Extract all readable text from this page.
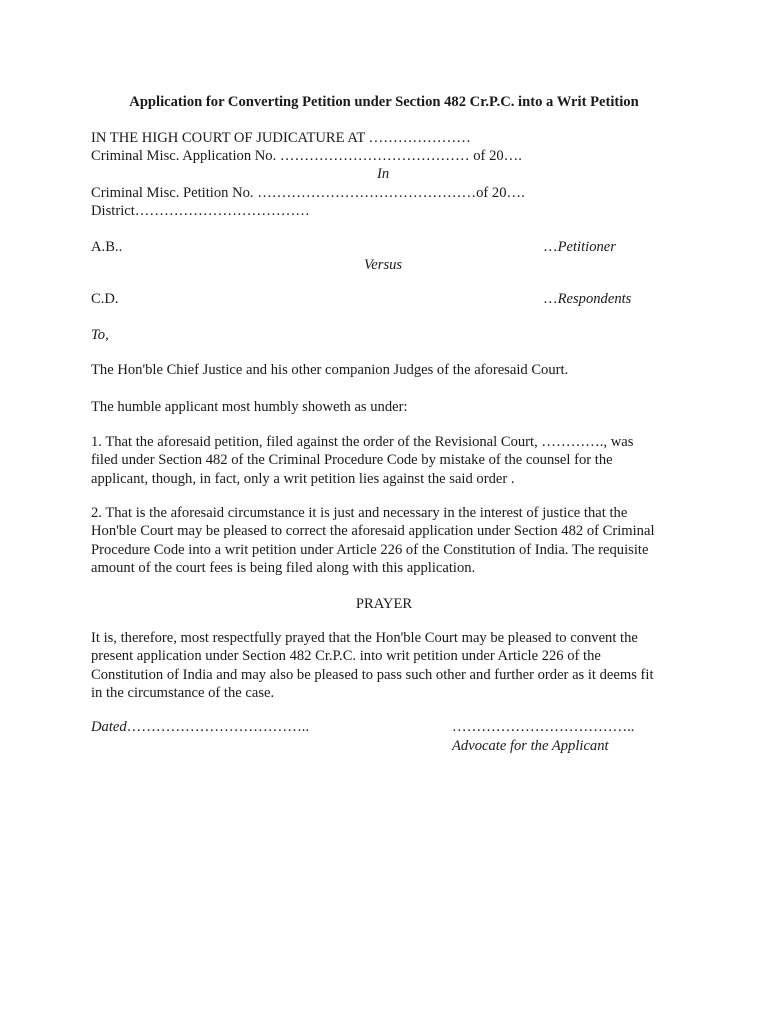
Application for Converting Petition under Section 482 Cr.P.C. into a Writ Petition
IN THE HIGH COURT OF JUDICATURE AT …………………
Criminal Misc. Application No. ………………………………… of 20….
In
Criminal Misc. Petition No. ………………………………………of 20….
District………………………………
A.B..	…Petitioner
Versus
C.D.	…Respondents
To,
The Hon'ble Chief Justice and his other companion Judges of the aforesaid Court.
The humble applicant most humbly showeth as under:
1. That the aforesaid petition, filed against the order of the Revisional Court, …………., was
filed under Section 482 of the Criminal Procedure Code by mistake of the counsel for the
applicant, though, in fact, only a writ petition lies against the said order .
2. That is the aforesaid circumstance it is just and necessary in the interest of justice that the
Hon'ble Court may be pleased to correct the aforesaid application under Section 482 of Criminal
Procedure Code into a writ petition under Article 226 of the Constitution of India. The requisite
amount of the court fees is being filed along with this application.
PRAYER
It is, therefore, most respectfully prayed that the Hon'ble Court may be pleased to convent the
present application under Section 482 Cr.P.C. into writ petition under Article 226 of the
Constitution of India and may also be pleased to pass such other and further order as it deems fit
in the circumstance of the case.
Dated………………………………..	………………………………..
Advocate for the Applicant
